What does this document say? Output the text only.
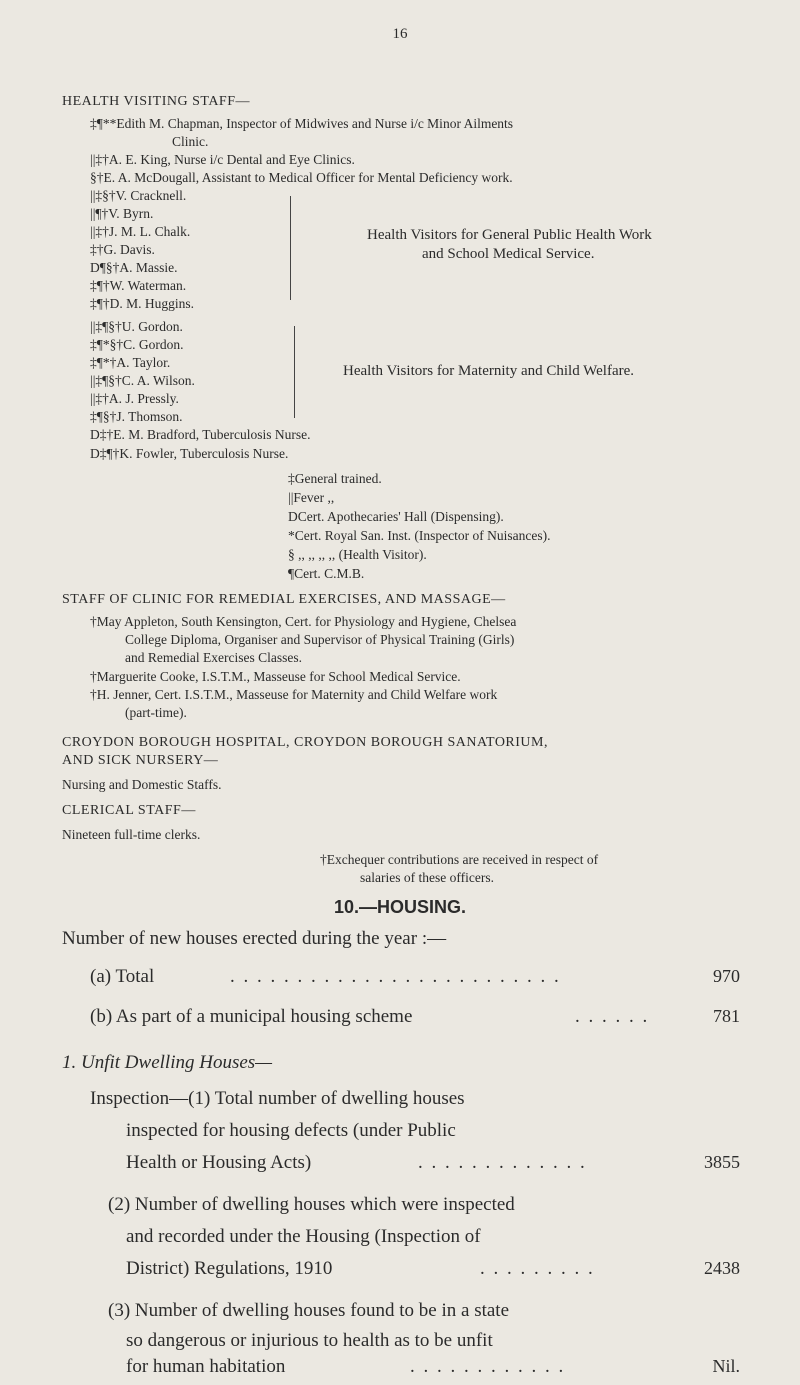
16
HEALTH VISITING STAFF—
‡¶**Edith M. Chapman, Inspector of Midwives and Nurse i/c Minor Ailments
Clinic.
||‡†A. E. King, Nurse i/c Dental and Eye Clinics.
§†E. A. McDougall, Assistant to Medical Officer for Mental Deficiency work.
||‡§†V. Cracknell.
||¶†V. Byrn.
||‡†J. M. L. Chalk.
‡†G. Davis.
D¶§†A. Massie.
‡¶†W. Waterman.
‡¶†D. M. Huggins.
Health Visitors for General Public Health Work
and School Medical Service.
||‡¶§†U. Gordon.
‡¶*§†C. Gordon.
‡¶*†A. Taylor.
||‡¶§†C. A. Wilson.
||‡†A. J. Pressly.
‡¶§†J. Thomson.
Health Visitors for Maternity and Child Welfare.
D‡†E. M. Bradford, Tuberculosis Nurse.
D‡¶†K. Fowler, Tuberculosis Nurse.
‡General trained.
||Fever ,,
DCert. Apothecaries' Hall (Dispensing).
*Cert. Royal San. Inst. (Inspector of Nuisances).
§ ,, ,, ,, ,, (Health Visitor).
¶Cert. C.M.B.
STAFF OF CLINIC FOR REMEDIAL EXERCISES, AND MASSAGE—
†May Appleton, South Kensington, Cert. for Physiology and Hygiene, Chelsea
College Diploma, Organiser and Supervisor of Physical Training (Girls)
and Remedial Exercises Classes.
†Marguerite Cooke, I.S.T.M., Masseuse for School Medical Service.
†H. Jenner, Cert. I.S.T.M., Masseuse for Maternity and Child Welfare work
(part-time).
CROYDON BOROUGH HOSPITAL, CROYDON BOROUGH SANATORIUM,
AND SICK NURSERY—
Nursing and Domestic Staffs.
CLERICAL STAFF—
Nineteen full-time clerks.
†Exchequer contributions are received in respect of
salaries of these officers.
10.—HOUSING.
Number of new houses erected during the year :—
(a) Total	. . . . . . . . . . . . . . . . . . . . . . . . .	970
(b) As part of a municipal housing scheme	. . . . . .	781
1. Unfit Dwelling Houses—
Inspection—(1) Total number of dwelling houses
inspected for housing defects (under Public
Health or Housing Acts)	. . . . . . . . . . . . .	3855
(2) Number of dwelling houses which were inspected
and recorded under the Housing (Inspection of
District) Regulations, 1910	. . . . . . . . .	2438
(3) Number of dwelling houses found to be in a state
so dangerous or injurious to health as to be unfit
for human habitation	. . . . . . . . . . . .	Nil.
